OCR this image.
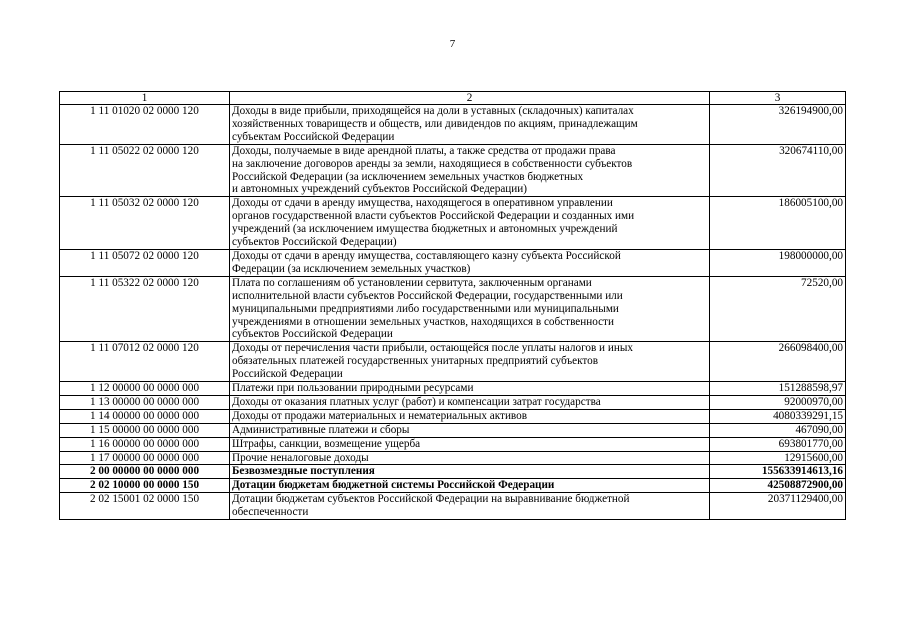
7
1	2	3
1 11 01020 02 0000 120	Доходы в виде прибыли, приходящейся на доли в уставных (складочных) капиталах
хозяйственных товариществ и обществ, или дивидендов по акциям, принадлежащим
субъектам Российской Федерации	326194900,00
1 11 05022 02 0000 120	Доходы, получаемые в виде арендной платы, а также средства от продажи права
на заключение договоров аренды за земли, находящиеся в собственности субъектов
Российской Федерации (за исключением земельных участков бюджетных
и автономных учреждений субъектов Российской Федерации)	320674110,00
1 11 05032 02 0000 120	Доходы от сдачи в аренду имущества, находящегося в оперативном управлении
органов государственной власти субъектов Российской Федерации и созданных ими
учреждений (за исключением имущества бюджетных и автономных учреждений
субъектов Российской Федерации)	186005100,00
1 11 05072 02 0000 120	Доходы от сдачи в аренду имущества, составляющего казну субъекта Российской
Федерации (за исключением земельных участков)	198000000,00
1 11 05322 02 0000 120	Плата по соглашениям об установлении сервитута, заключенным органами
исполнительной власти субъектов Российской Федерации, государственными или
муниципальными предприятиями либо государственными или муниципальными
учреждениями в отношении земельных участков, находящихся в собственности
субъектов Российской Федерации	72520,00
1 11 07012 02 0000 120	Доходы от перечисления части прибыли, остающейся после уплаты налогов и иных
обязательных платежей государственных унитарных предприятий субъектов
Российской Федерации	266098400,00
1 12 00000 00 0000 000	Платежи при пользовании природными ресурсами	151288598,97
1 13 00000 00 0000 000	Доходы от оказания платных услуг (работ) и компенсации затрат государства	92000970,00
1 14 00000 00 0000 000	Доходы от продажи материальных и нематериальных активов	4080339291,15
1 15 00000 00 0000 000	Административные платежи и сборы	467090,00
1 16 00000 00 0000 000	Штрафы, санкции, возмещение ущерба	693801770,00
1 17 00000 00 0000 000	Прочие неналоговые доходы	12915600,00
2 00 00000 00 0000 000	Безвозмездные поступления	155633914613,16
2 02 10000 00 0000 150	Дотации бюджетам бюджетной системы Российской Федерации	42508872900,00
2 02 15001 02 0000 150	Дотации бюджетам субъектов Российской Федерации на выравнивание бюджетной
обеспеченности	20371129400,00
